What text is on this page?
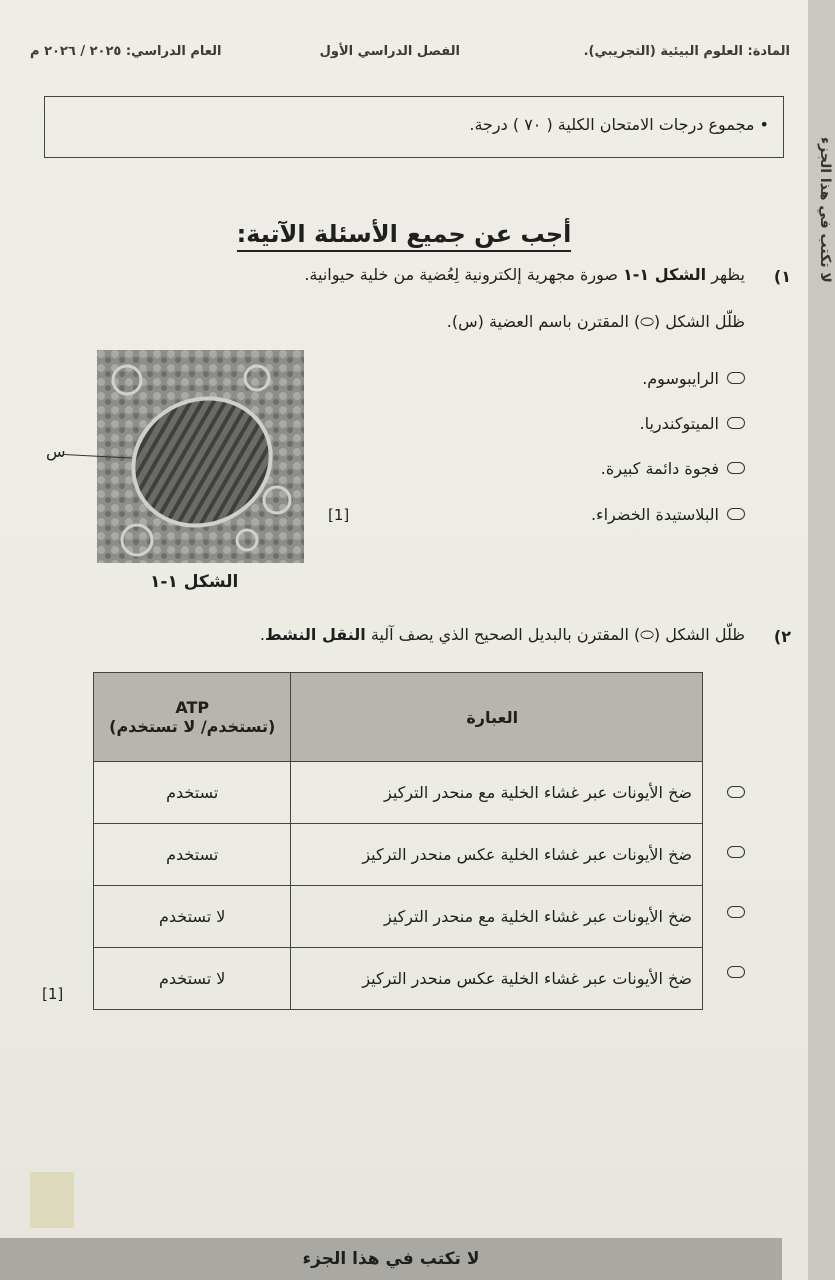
لا تكتب في هذا الجزء
المادة: العلوم البيئية (التجريبي).
الفصل الدراسي الأول
العام الدراسي: ٢٠٢٥ / ٢٠٢٦ م
• مجموع درجات الامتحان الكلية ( ٧٠ ) درجة.
أجب عن جميع الأسئلة الآتية:
١)
يظهر الشكل ١-١ صورة مجهرية إلكترونية لِعُضية من خلية حيوانية.
ظلّل الشكل (⬭) المقترن باسم العضية (س).
الرايبوسوم.
الميتوكندريا.
فجوة دائمة كبيرة.
البلاستيدة الخضراء.
[1]
س
الشكل ١-١
٢)
ظلّل الشكل (⬭) المقترن بالبديل الصحيح الذي يصف آلية النقل النشط.
العبارة	ATP
(تستخدم/ لا تستخدم)

ضخ الأيونات عبر غشاء الخلية مع منحدر التركيز	تستخدم
ضخ الأيونات عبر غشاء الخلية عكس منحدر التركيز	تستخدم
ضخ الأيونات عبر غشاء الخلية مع منحدر التركيز	لا تستخدم
ضخ الأيونات عبر غشاء الخلية عكس منحدر التركيز	لا تستخدم
[1]
لا تكتب في هذا الجزء
